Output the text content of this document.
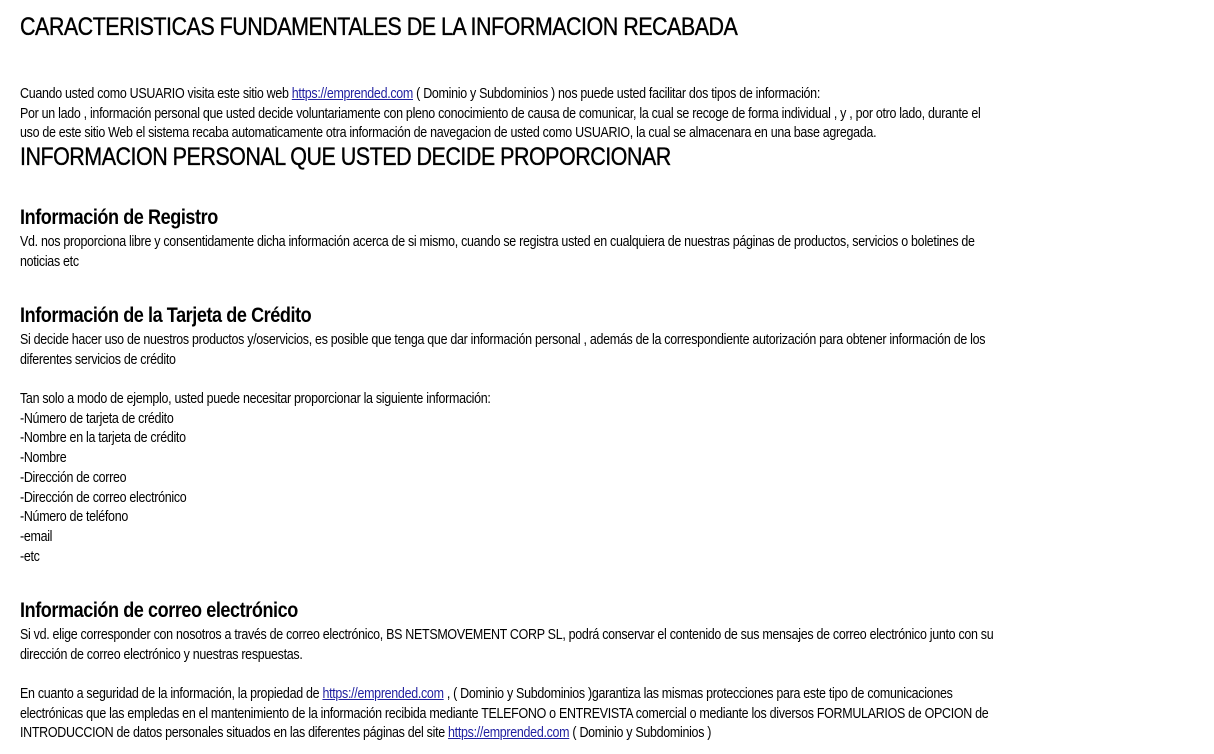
CARACTERISTICAS FUNDAMENTALES DE LA INFORMACION RECABADA
Cuando usted como USUARIO visita este sitio web https://emprended.com ( Dominio y Subdominios ) nos puede usted facilitar dos tipos de información:
Por un lado , información personal que usted decide voluntariamente con pleno conocimiento de causa de comunicar, la cual se recoge de forma individual , y , por otro lado, durante el
uso de este sitio Web el sistema recaba automaticamente otra información de navegacion de usted como USUARIO, la cual se almacenara en una base agregada.
INFORMACION PERSONAL QUE USTED DECIDE PROPORCIONAR
Información de Registro
Vd. nos proporciona libre y consentidamente dicha información acerca de si mismo, cuando se registra usted en cualquiera de nuestras páginas de productos, servicios o boletines de
noticias etc
Información de la Tarjeta de Crédito
Si decide hacer uso de nuestros productos y/oservicios, es posible que tenga que dar información personal , además de la correspondiente autorización para obtener información de los
diferentes servicios de crédito
Tan solo a modo de ejemplo, usted puede necesitar proporcionar la siguiente información:
-Número de tarjeta de crédito
-Nombre en la tarjeta de crédito
-Nombre
-Dirección de correo
-Dirección de correo electrónico
-Número de teléfono
-email
-etc
Información de correo electrónico
Si vd. elige corresponder con nosotros a través de correo electrónico, BS NETSMOVEMENT CORP SL, podrá conservar el contenido de sus mensajes de correo electrónico junto con su
dirección de correo electrónico y nuestras respuestas.
En cuanto a seguridad de la información, la propiedad de https://emprended.com , ( Dominio y Subdominios )garantiza las mismas protecciones para este tipo de comunicaciones
electrónicas que las empledas en el mantenimiento de la información recibida mediante TELEFONO o ENTREVISTA comercial o mediante los diversos FORMULARIOS de OPCION de
INTRODUCCION de datos personales situados en las diferentes páginas del site https://emprended.com ( Dominio y Subdominios )
